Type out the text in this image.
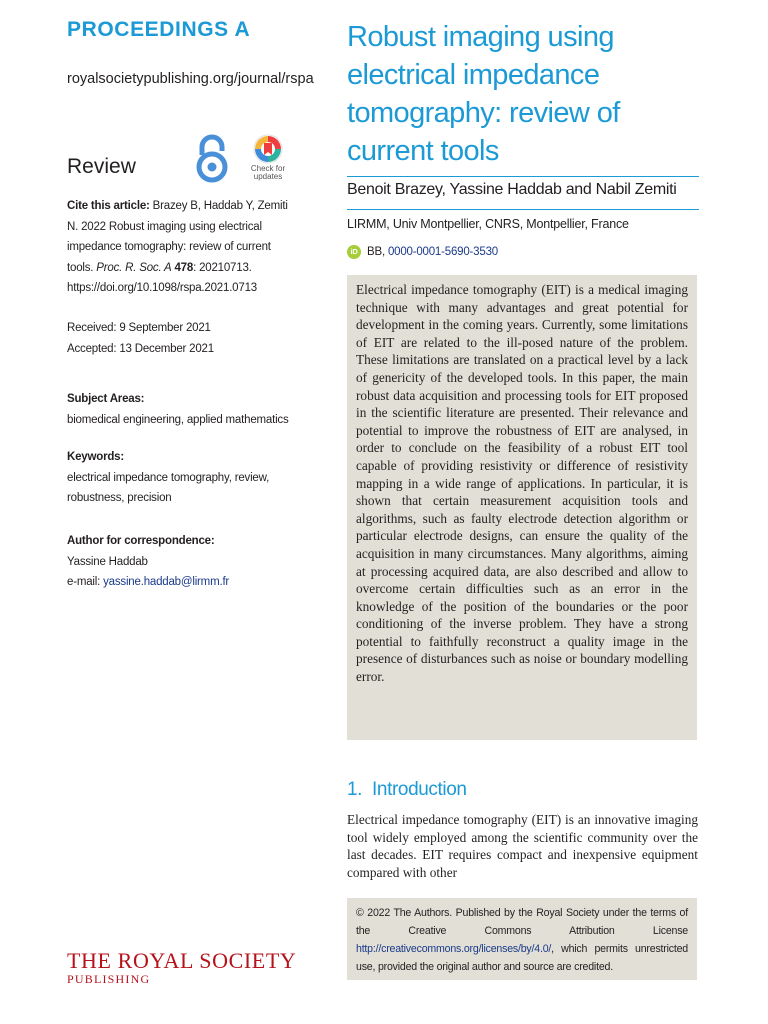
PROCEEDINGS A
royalsocietypublishing.org/journal/rspa
Review	Check for
updates
Cite this article: Brazey B, Haddab Y, Zemiti N. 2022 Robust imaging using electrical impedance tomography: review of current tools. Proc. R. Soc. A 478: 20210713.
https://doi.org/10.1098/rspa.2021.0713
Received: 9 September 2021
Accepted: 13 December 2021
Subject Areas:
biomedical engineering, applied mathematics
Keywords:
electrical impedance tomography, review, robustness, precision
Author for correspondence:
Yassine Haddab
e-mail: yassine.haddab@lirmm.fr
THE ROYAL SOCIETY
PUBLISHING
Robust imaging using
electrical impedance
tomography: review of
current tools
Benoit Brazey, Yassine Haddab and Nabil Zemiti
LIRMM, Univ Montpellier, CNRS, Montpellier, France
iD BB, 0000-0001-5690-3530

Electrical impedance tomography (EIT) is a medical imaging technique with many advantages and great potential for development in the coming years. Currently, some limitations of EIT are related to the ill-posed nature of the problem. These limitations are translated on a practical level by a lack of genericity of the developed tools. In this paper, the main robust data acquisition and processing tools for EIT proposed in the scientific literature are presented. Their relevance and potential to improve the robustness of EIT are analysed, in order to conclude on the feasibility of a robust EIT tool capable of providing resistivity or difference of resistivity mapping in a wide range of applications. In particular, it is shown that certain measurement acquisition tools and algorithms, such as faulty electrode detection algorithm or particular electrode designs, can ensure the quality of the acquisition in many circumstances. Many algorithms, aiming at processing acquired data, are also described and allow to overcome certain difficulties such as an error in the knowledge of the position of the boundaries or the poor conditioning of the inverse problem. They have a strong potential to faithfully reconstruct a quality image in the presence of disturbances such as noise or boundary modelling error.

1. Introduction

Electrical impedance tomography (EIT) is an innovative imaging tool widely employed among the scientific community over the last decades. EIT requires compact and inexpensive equipment compared with other

© 2022 The Authors. Published by the Royal Society under the terms of the Creative Commons Attribution License http://creativecommons.org/licenses/by/4.0/, which permits unrestricted use, provided the original author and source are credited.
